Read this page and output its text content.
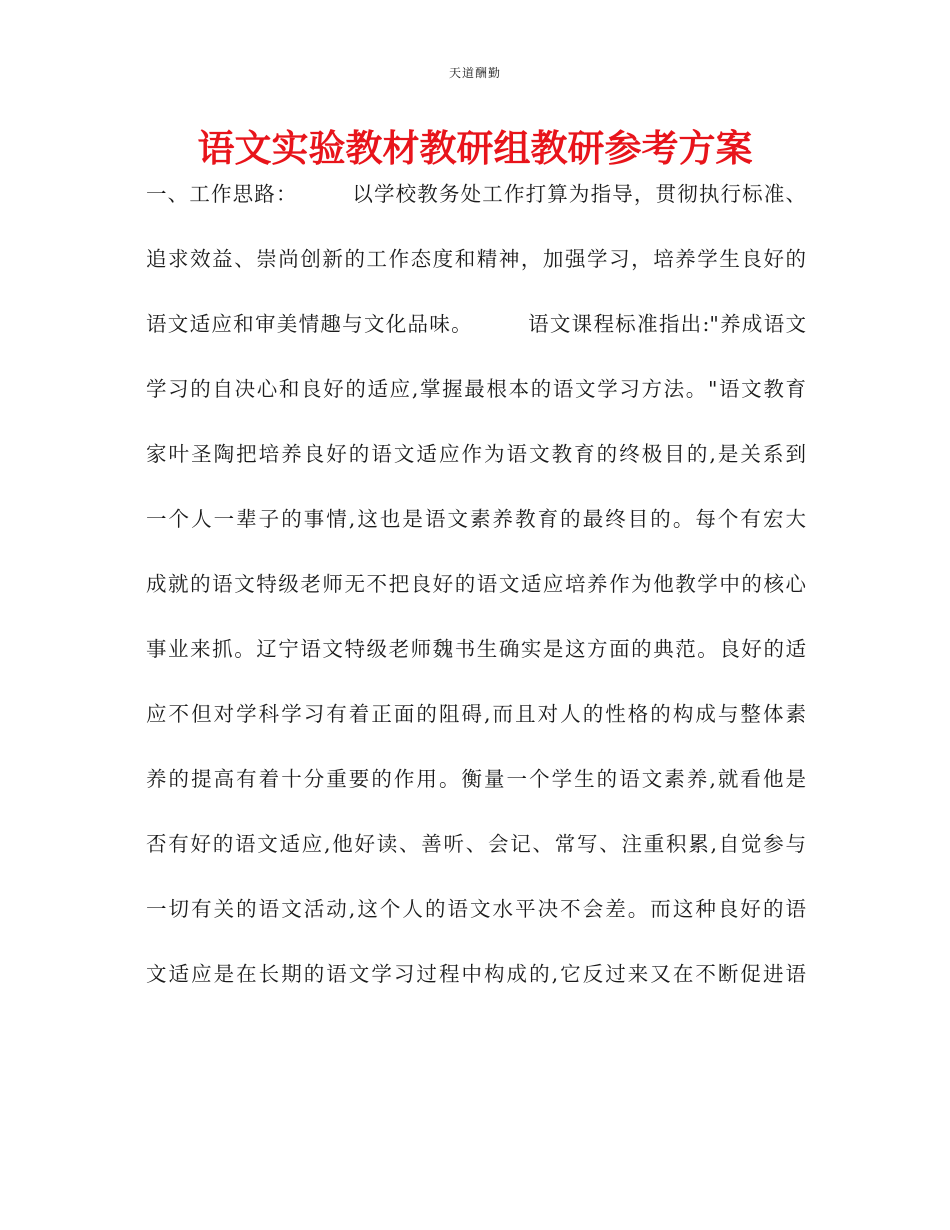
天道酬勤
语文实验教材教研组教研参考方案
一、工作思路：　　　以学校教务处工作打算为指导，贯彻执行标准、
追求效益、崇尚创新的工作态度和精神，加强学习，培养学生良好的
语文适应和审美情趣与文化品味。　　　语文课程标准指出:"养成语文
学习的自决心和良好的适应,掌握最根本的语文学习方法。"语文教育
家叶圣陶把培养良好的语文适应作为语文教育的终极目的,是关系到
一个人一辈子的事情,这也是语文素养教育的最终目的。每个有宏大
成就的语文特级老师无不把良好的语文适应培养作为他教学中的核心
事业来抓。辽宁语文特级老师魏书生确实是这方面的典范。良好的适
应不但对学科学习有着正面的阻碍,而且对人的性格的构成与整体素
养的提高有着十分重要的作用。衡量一个学生的语文素养,就看他是
否有好的语文适应,他好读、善听、会记、常写、注重积累,自觉参与
一切有关的语文活动,这个人的语文水平决不会差。而这种良好的语
文适应是在长期的语文学习过程中构成的,它反过来又在不断促进语
